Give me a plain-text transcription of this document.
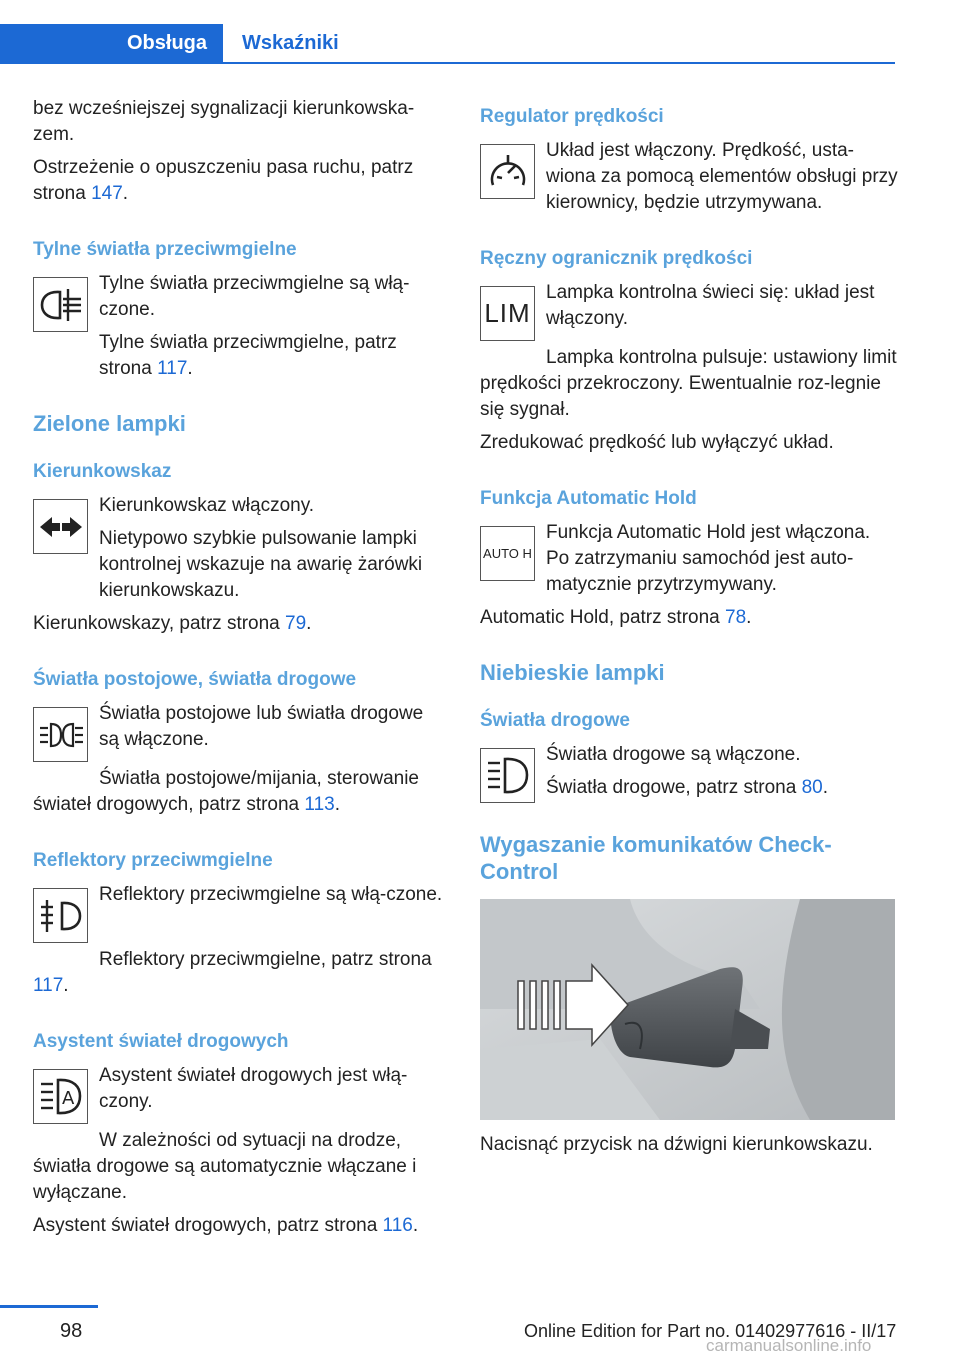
Obsługa	Wskaźniki

bez wcześniejszej sygnalizacji kierunkowska-zem.

Ostrzeżenie o opuszczeniu pasa ruchu, patrz strona 147.

Tylne światła przeciwmgielne

Tylne światła przeciwmgielne są włą-czone.

Tylne światła przeciwmgielne, patrz strona 117.

Zielone lampki
Kierunkowskaz

Kierunkowskaz włączony.

Nietypowo szybkie pulsowanie lampki kontrolnej wskazuje na awarię żarówki kierunkowskazu.

Kierunkowskazy, patrz strona 79.

Światła postojowe, światła drogowe

Światła postojowe lub światła drogowe są włączone.

Światła postojowe/mijania, sterowanie świateł drogowych, patrz strona 113.

Reflektory przeciwmgielne

Reflektory przeciwmgielne są włą-czone.

Reflektory przeciwmgielne, patrz strona 117.

Asystent świateł drogowych
A

Asystent świateł drogowych jest włą-czony.

W zależności od sytuacji na drodze, światła drogowe są automatycznie włączane i wyłączane.

Asystent świateł drogowych, patrz strona 116.

Regulator prędkości

Układ jest włączony. Prędkość, usta-wiona za pomocą elementów obsługi przy kierownicy, będzie utrzymywana.

Ręczny ogranicznik prędkości
LIM

Lampka kontrolna świeci się: układ jest włączony.

Lampka kontrolna pulsuje: ustawiony limit prędkości przekroczony. Ewentualnie roz-legnie się sygnał.

Zredukować prędkość lub wyłączyć układ.

Funkcja Automatic Hold
AUTO H

Funkcja Automatic Hold jest włączona. Po zatrzymaniu samochód jest auto-matycznie przytrzymywany.

Automatic Hold, patrz strona 78.

Niebieskie lampki
Światła drogowe

Światła drogowe są włączone.

Światła drogowe, patrz strona 80.

Wygaszanie komunikatów Check-Control

Nacisnąć przycisk na dźwigni kierunkowskazu.

98	Online Edition for Part no. 01402977616 - II/17
carmanualsonline.info
